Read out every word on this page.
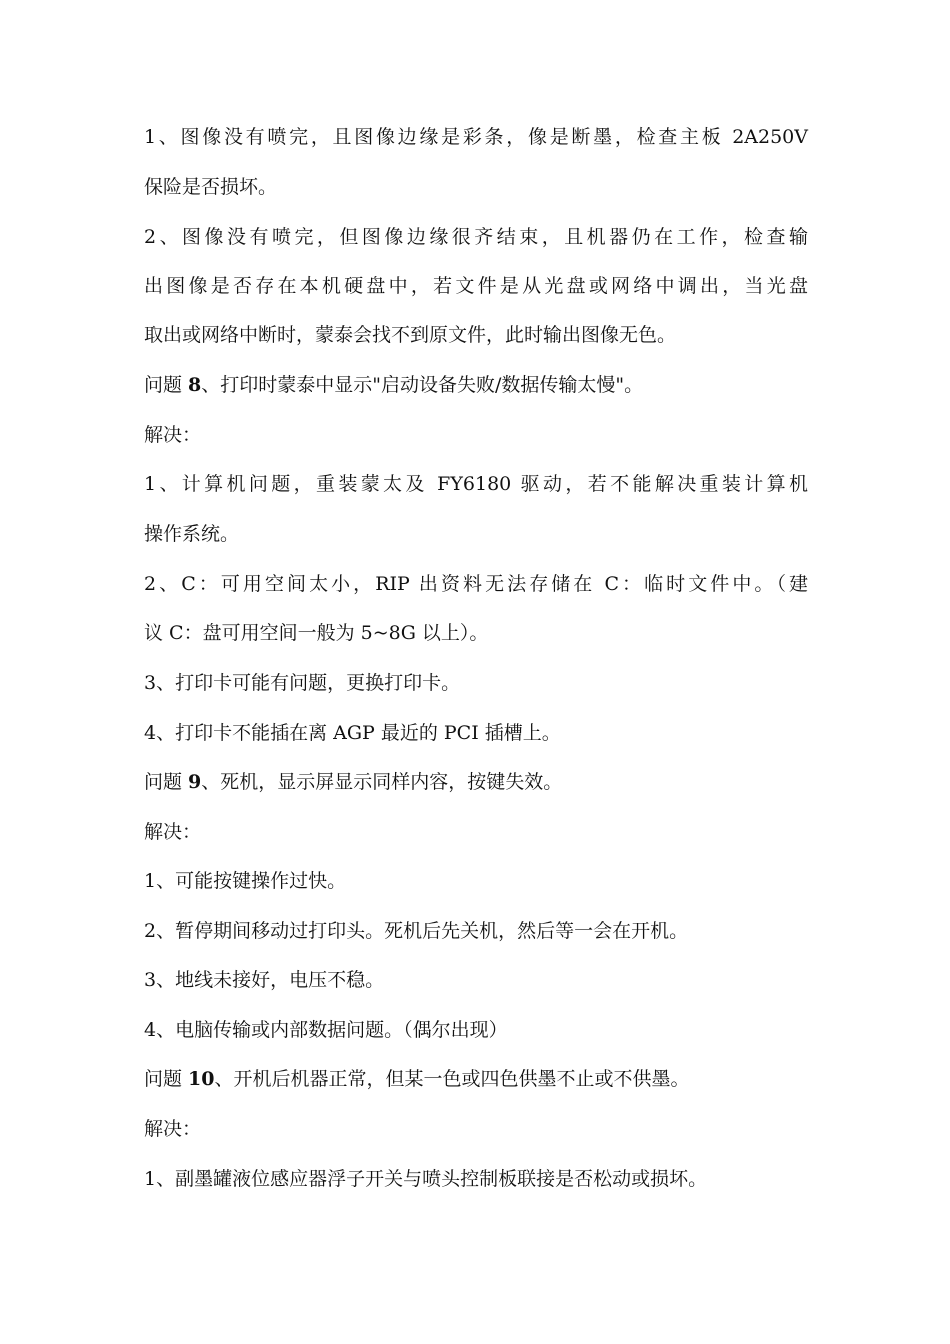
1、图像没有喷完，且图像边缘是彩条，像是断墨，检查主板 2A250V
保险是否损坏。
2、图像没有喷完，但图像边缘很齐结束，且机器仍在工作，检查输
出图像是否存在本机硬盘中，若文件是从光盘或网络中调出，当光盘
取出或网络中断时，蒙泰会找不到原文件，此时输出图像无色。
问题 8、打印时蒙泰中显示"启动设备失败/数据传输太慢"。
解决：
1、计算机问题，重装蒙太及 FY6180 驱动，若不能解决重装计算机
操作系统。
2、C：可用空间太小，RIP 出资料无法存储在 C：临时文件中。（建
议 C：盘可用空间一般为 5~8G 以上）。
3、打印卡可能有问题，更换打印卡。
4、打印卡不能插在离 AGP 最近的 PCI 插槽上。
问题 9、死机，显示屏显示同样内容，按键失效。
解决：
1、可能按键操作过快。
2、暂停期间移动过打印头。死机后先关机，然后等一会在开机。
3、地线未接好，电压不稳。
4、电脑传输或内部数据问题。（偶尔出现）
问题 10、开机后机器正常，但某一色或四色供墨不止或不供墨。
解决：
1、副墨罐液位感应器浮子开关与喷头控制板联接是否松动或损坏。
